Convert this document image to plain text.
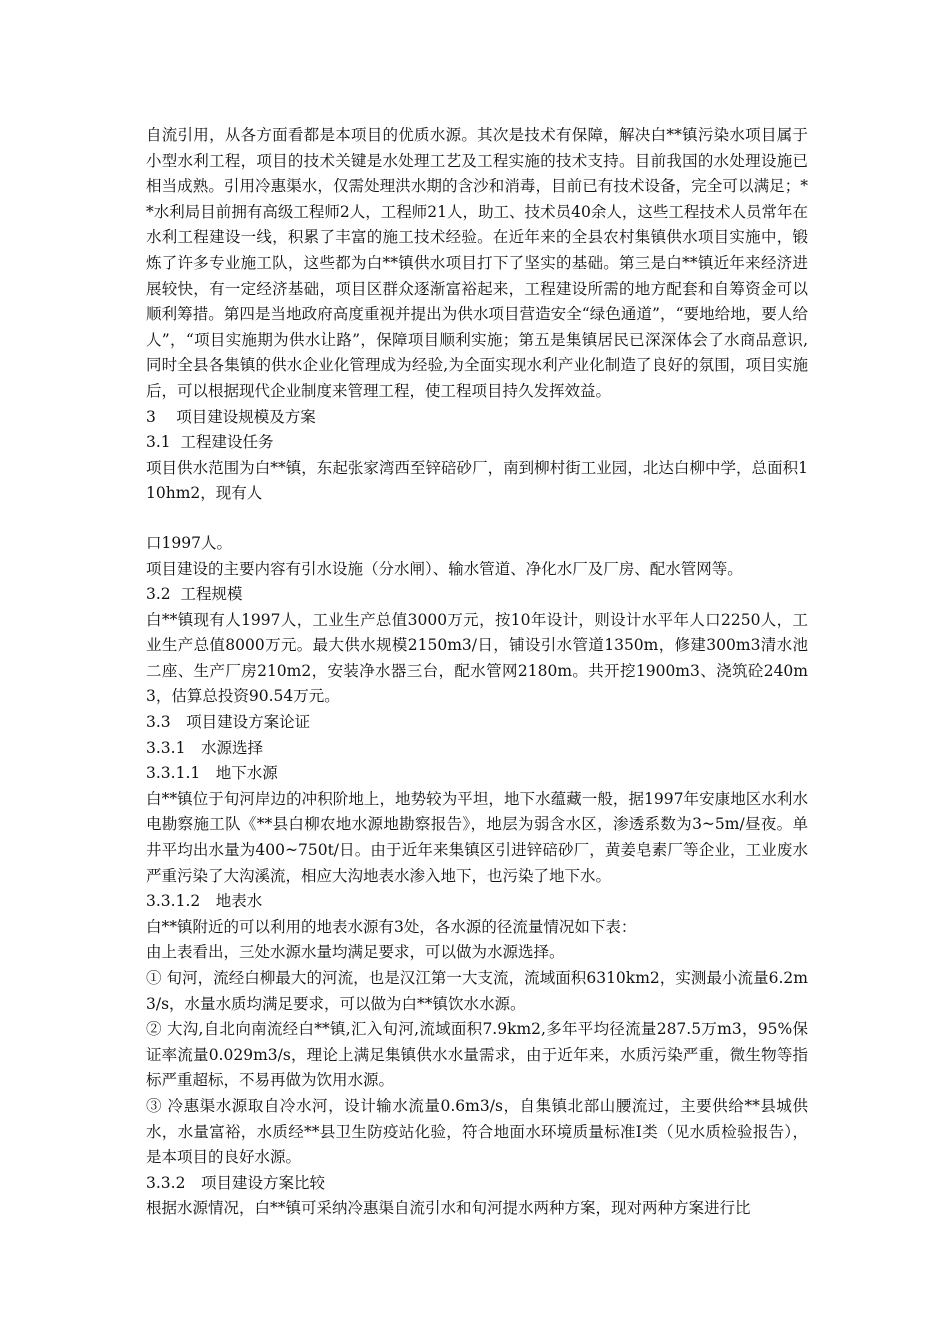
自流引用，从各方面看都是本项目的优质水源。其次是技术有保障，解决白**镇污染水项目属于小型水利工程，项目的技术关键是水处理工艺及工程实施的技术支持。目前我国的水处理设施已相当成熟。引用冷惠渠水，仅需处理洪水期的含沙和消毒，目前已有技术设备，完全可以满足；**水利局目前拥有高级工程师2人，工程师21人，助工、技术员40余人，这些工程技术人员常年在水利工程建设一线，积累了丰富的施工技术经验。在近年来的全县农村集镇供水项目实施中，锻炼了许多专业施工队，这些都为白**镇供水项目打下了坚实的基础。第三是白**镇近年来经济进展较快，有一定经济基础，项目区群众逐渐富裕起来，工程建设所需的地方配套和自筹资金可以顺利筹措。第四是当地政府高度重视并提出为供水项目营造安全“绿色通道”，“要地给地，要人给人”，“项目实施期为供水让路”，保障项目顺利实施；第五是集镇居民已深深体会了水商品意识,同时全县各集镇的供水企业化管理成为经验,为全面实现水利产业化制造了良好的氛围，项目实施后，可以根据现代企业制度来管理工程，使工程项目持久发挥效益。

3　 项目建设规模及方案

3.1  工程建设任务

项目供水范围为白**镇，东起张家湾西至锌碚砂厂，南到柳村街工业园，北达白柳中学，总面积110hm2，现有人

口1997人。

项目建设的主要内容有引水设施（分水闸）、输水管道、净化水厂及厂房、配水管网等。

3.2  工程规模

白**镇现有人1997人，工业生产总值3000万元，按10年设计，则设计水平年人口2250人，工业生产总值8000万元。最大供水规模2150m3/日，铺设引水管道1350m，修建300m3清水池二座、生产厂房210m2，安装净水器三台，配水管网2180m。共开挖1900m3、浇筑砼240m3，估算总投资90.54万元。

3.3　项目建设方案论证

3.3.1　水源选择

3.3.1.1　地下水源

白**镇位于旬河岸边的冲积阶地上，地势较为平坦，地下水蕴藏一般，据1997年安康地区水利水电勘察施工队《**县白柳农地水源地勘察报告》，地层为弱含水区，渗透系数为3~5m/昼夜。单井平均出水量为400~750t/日。由于近年来集镇区引进锌碚砂厂，黄姜皂素厂等企业，工业废水严重污染了大沟溪流，相应大沟地表水渗入地下，也污染了地下水。

3.3.1.2　地表水

白**镇附近的可以利用的地表水源有3处，各水源的径流量情况如下表：

由上表看出，三处水源水量均满足要求，可以做为水源选择。

① 旬河，流经白柳最大的河流，也是汉江第一大支流，流域面积6310km2，实测最小流量6.2m3/s，水量水质均满足要求，可以做为白**镇饮水水源。

② 大沟,自北向南流经白**镇,汇入旬河,流域面积7.9km2,多年平均径流量287.5万m3，95%保证率流量0.029m3/s，理论上满足集镇供水水量需求，由于近年来，水质污染严重，微生物等指标严重超标，不易再做为饮用水源。

③ 冷惠渠水源取自冷水河，设计输水流量0.6m3/s，自集镇北部山腰流过，主要供给**县城供水，水量富裕，水质经**县卫生防疫站化验，符合地面水环境质量标准Ⅰ类（见水质检验报告），是本项目的良好水源。

3.3.2　项目建设方案比较

根据水源情况，白**镇可采纳冷惠渠自流引水和旬河提水两种方案，现对两种方案进行比
